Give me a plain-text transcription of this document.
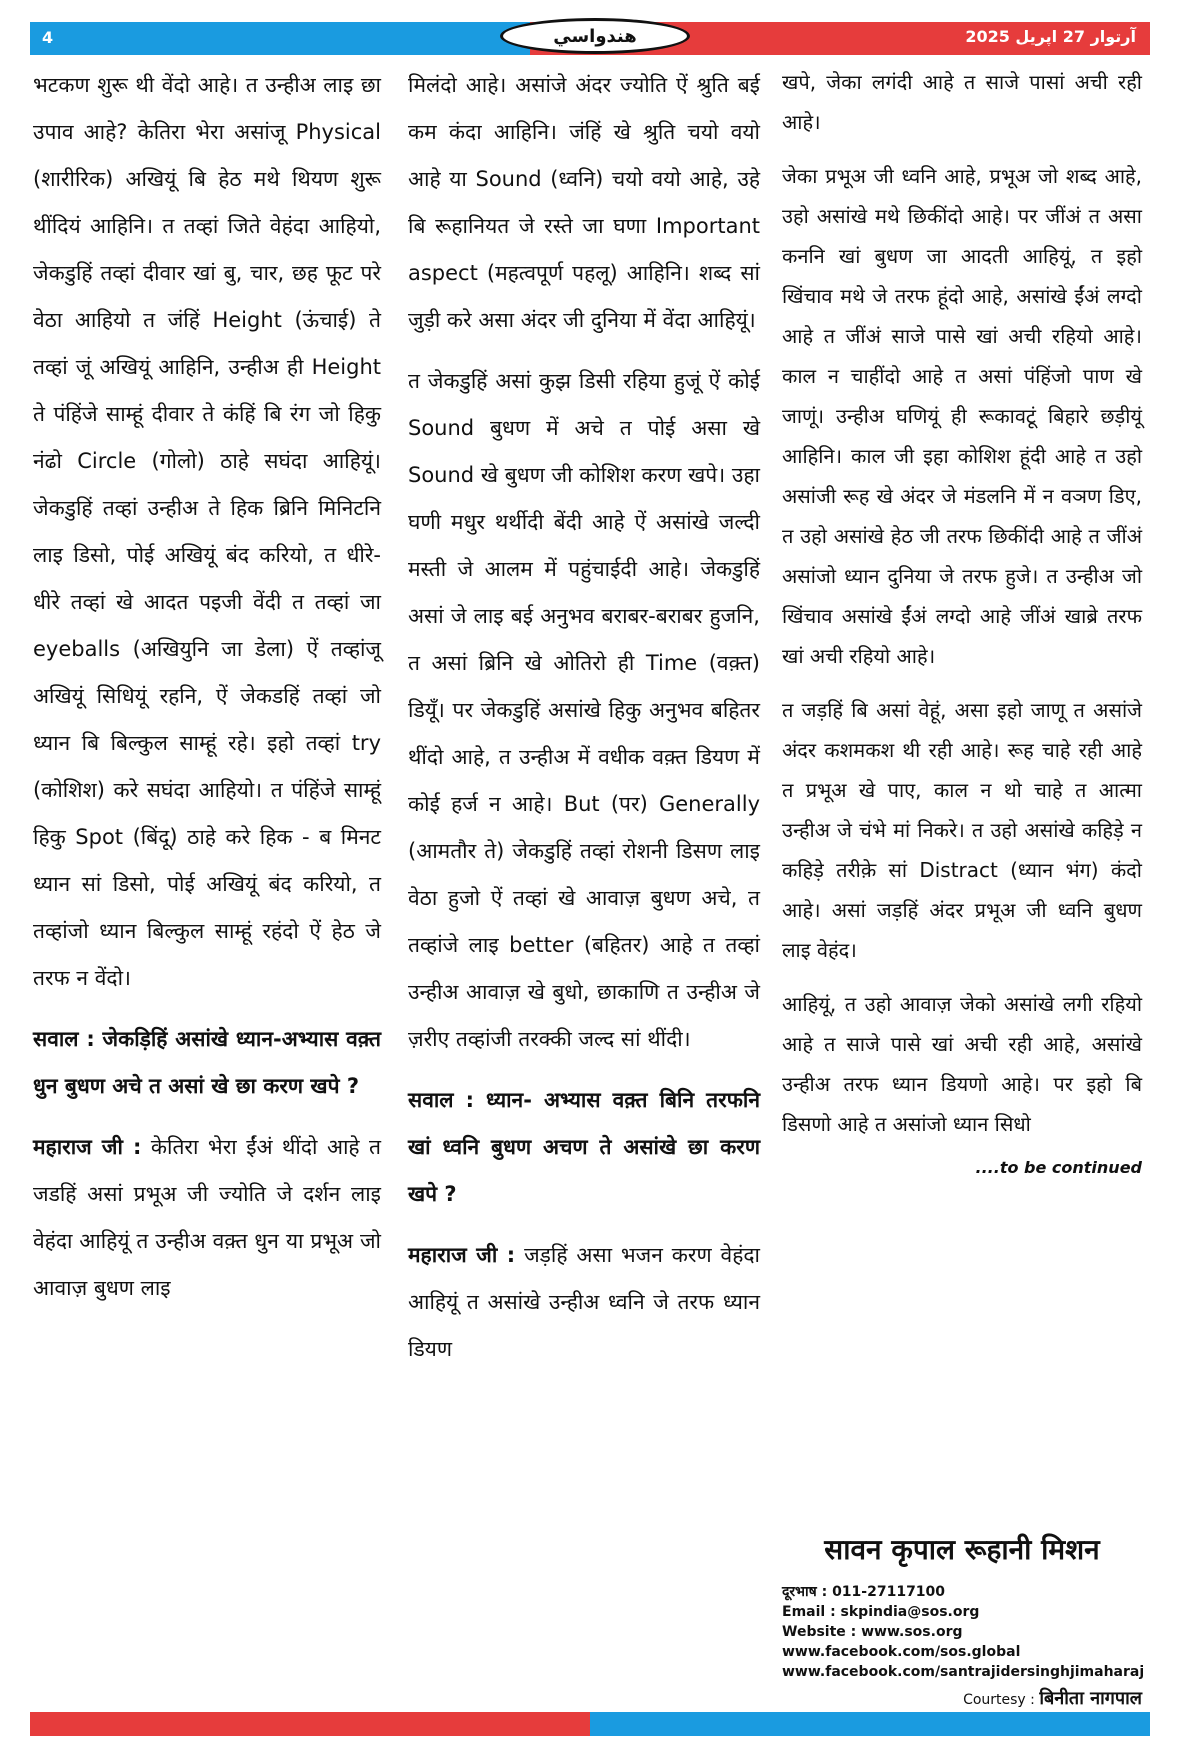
4	آرتوار 27 اپريل 2025
هندواسي

भटकण शुरू थी वेंदो आहे। त उन्हीअ लाइ छा उपाव आहे? केतिरा भेरा असांजू Physical (शारीरिक) अखियूं बि हेठ मथे थियण शुरू थींदियं आहिनि। त तव्हां जिते वेहंदा आहियो, जेकडुहिं तव्हां दीवार खां बु, चार, छह फूट परे वेठा आहियो त जंहिं Height (ऊंचाई) ते तव्हां जूं अखियूं आहिनि, उन्हीअ ही Height ते पंहिंजे साम्हूं दीवार ते कंहिं बि रंग जो हिकु नंढो Circle (गोलो) ठाहे सघंदा आहियूं। जेकडुहिं तव्हां उन्हीअ ते हिक ब्रिनि मिनिटनि लाइ डिसो, पोई अखियूं बंद करियो, त धीरे-धीरे तव्हां खे आदत पइजी वेंदी त तव्हां जा eyeballs (अखियुनि जा डेला) ऐं तव्हांजू अखियूं सिधियूं रहनि, ऐं जेकडहिं तव्हां जो ध्यान बि बिल्कुल साम्हूं रहे। इहो तव्हां try (कोशिश) करे सघंदा आहियो। त पंहिंजे साम्हूं हिकु Spot (बिंदू) ठाहे करे हिक - ब मिनट ध्यान सां डिसो, पोई अखियूं बंद करियो, त तव्हांजो ध्यान बिल्कुल साम्हूं रहंदो ऐं हेठ जे तरफ न वेंदो।

सवाल : जेकड़िहिं असांखे ध्यान-अभ्यास वक़्त धुन बुधण अचे त असां खे छा करण खपे ?

महाराज जी : केतिरा भेरा ईंअं थींदो आहे त जडहिं असां प्रभूअ जी ज्योति जे दर्शन लाइ वेहंदा आहियूं त उन्हीअ वक़्त धुन या प्रभूअ जो आवाज़ बुधण लाइ

मिलंदो आहे। असांजे अंदर ज्योति ऐं श्रुति बई कम कंदा आहिनि। जंहिं खे श्रुति चयो वयो आहे या Sound (ध्वनि) चयो वयो आहे, उहे बि रूहानियत जे रस्ते जा घणा Important aspect (महत्वपूर्ण पहलू) आहिनि। शब्द सां जुड़ी करे असा अंदर जी दुनिया में वेंदा आहियूं।

त जेकडुहिं असां कुझ डिसी रहिया हुजूं ऐं कोई Sound बुधण में अचे त पोई असा खे Sound खे बुधण जी कोशिश करण खपे। उहा घणी मधुर थर्थीदी बेंदी आहे ऐं असांखे जल्दी मस्ती जे आलम में पहुंचाईदी आहे। जेकडुहिं असां जे लाइ बई अनुभव बराबर-बराबर हुजनि, त असां ब्रिनि खे ओतिरो ही Time (वक़्त) डियूँ। पर जेकडुहिं असांखे हिकु अनुभव बहितर थींदो आहे, त उन्हीअ में वधीक वक़्त डियण में कोई हर्ज न आहे। But (पर) Generally (आमतौर ते) जेकडुहिं तव्हां रोशनी डिसण लाइ वेठा हुजो ऐं तव्हां खे आवाज़ बुधण अचे, त तव्हांजे लाइ better (बहितर) आहे त तव्हां उन्हीअ आवाज़ खे बुधो, छाकाणि त उन्हीअ जे ज़रीए तव्हांजी तरक्की जल्द सां थींदी।

सवाल : ध्यान- अभ्यास वक़्त बिनि तरफनि खां ध्वनि बुधण अचण ते असांखे छा करण खपे ?

महाराज जी : जड़हिं असा भजन करण वेहंदा आहियूं त असांखे उन्हीअ ध्वनि जे तरफ ध्यान डियण

खपे, जेका लगंदी आहे त साजे पासां अची रही आहे।

जेका प्रभूअ जी ध्वनि आहे, प्रभूअ जो शब्द आहे, उहो असांखे मथे छिकींदो आहे। पर जींअं त असा कननि खां बुधण जा आदती आहियूं, त इहो खिंचाव मथे जे तरफ हूंदो आहे, असांखे ईंअं लग्दो आहे त जींअं साजे पासे खां अची रहियो आहे। काल न चाहींदो आहे त असां पंहिंजो पाण खे जाणूं। उन्हीअ घणियूं ही रूकावटूं बिहारे छड़ीयूं आहिनि। काल जी इहा कोशिश हूंदी आहे त उहो असांजी रूह खे अंदर जे मंडलनि में न वञण डिए, त उहो असांखे हेठ जी तरफ छिकींदी आहे त जींअं असांजो ध्यान दुनिया जे तरफ हुजे। त उन्हीअ जो खिंचाव असांखे ईंअं लग्दो आहे जींअं खाब्रे तरफ खां अची रहियो आहे।

त जड़हिं बि असां वेहूं, असा इहो जाणू त असांजे अंदर कशमकश थी रही आहे। रूह चाहे रही आहे त प्रभूअ खे पाए, काल न थो चाहे त आत्मा उन्हीअ जे चंभे मां निकरे। त उहो असांखे कहिड़े न कहिड़े तरीक़े सां Distract (ध्यान भंग) कंदो आहे। असां जड़हिं अंदर प्रभूअ जी ध्वनि बुधण लाइ वेहंद।

आहियूं, त उहो आवाज़ जेको असांखे लगी रहियो आहे त साजे पासे खां अची रही आहे, असांखे उन्हीअ तरफ ध्यान डियणो आहे। पर इहो बि डिसणो आहे त असांजो ध्यान सिधो

....to be continued
सावन कृपाल रूहानी मिशन
दूरभाष : 011-27117100
Email : skpindia@sos.org
Website : www.sos.org
www.facebook.com/sos.global
www.facebook.com/santrajidersinghjimaharaj
Courtesy : बिनीता नागपाल
